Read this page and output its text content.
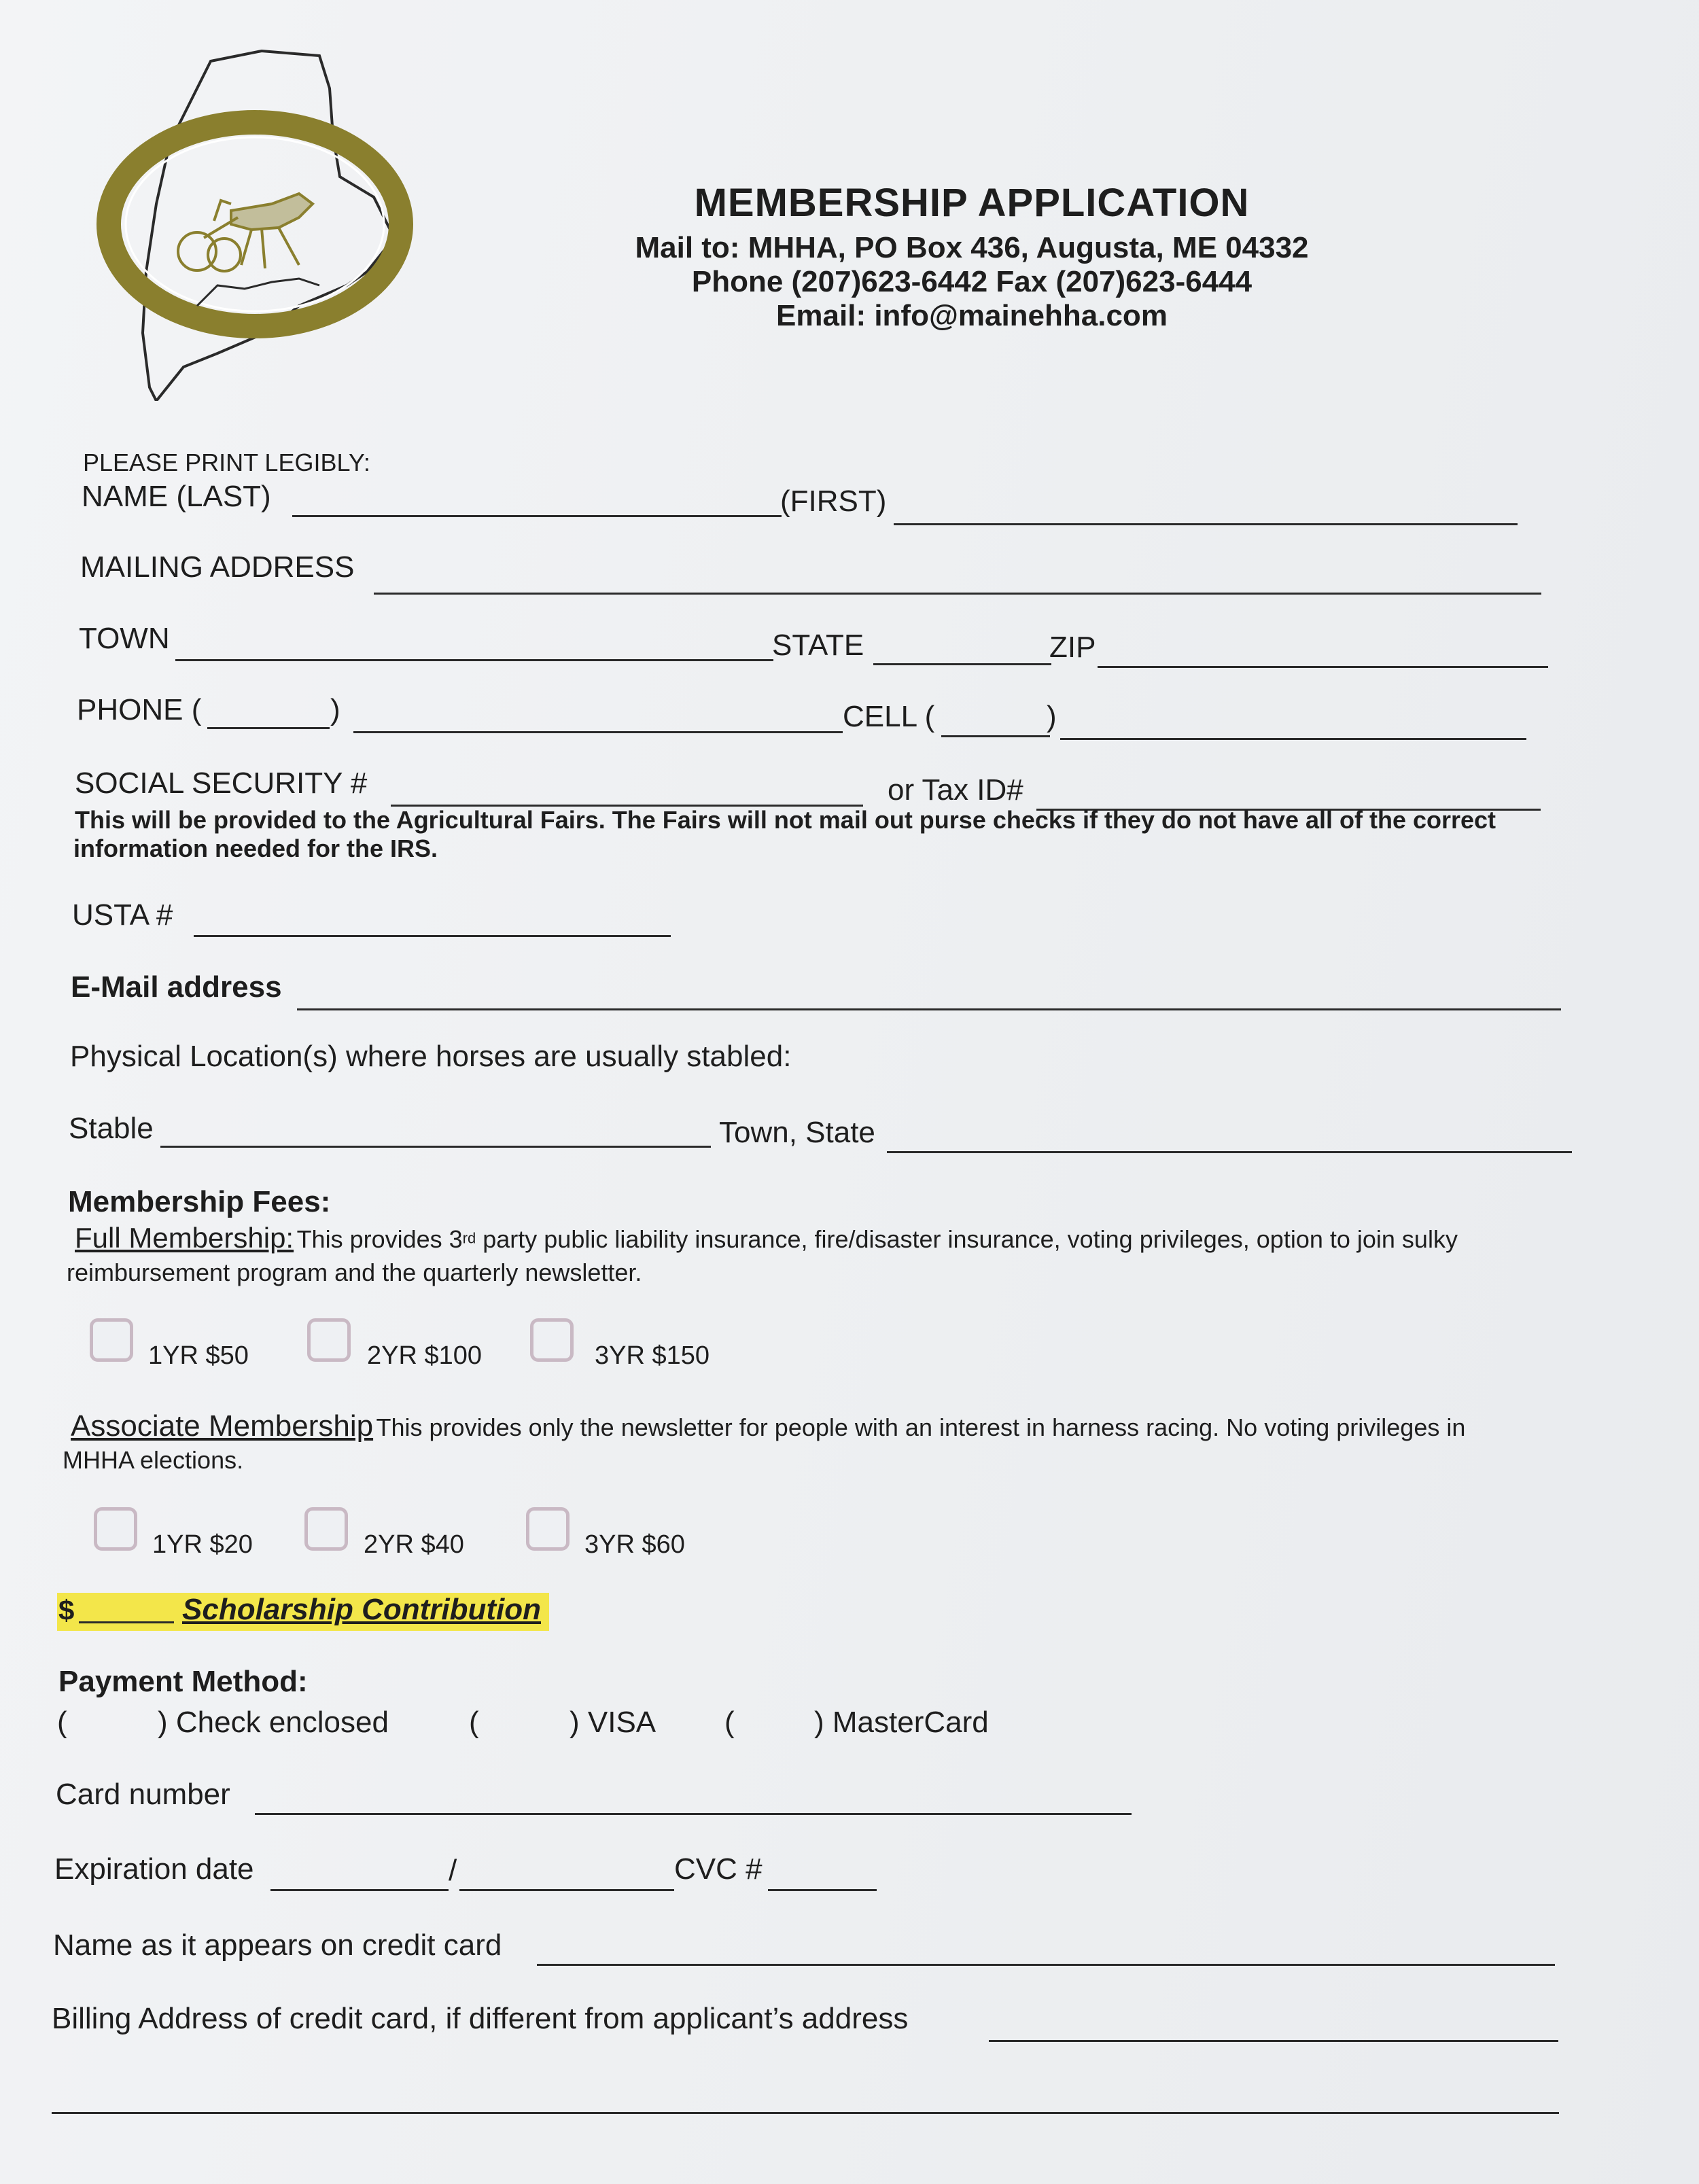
MEMBERSHIP APPLICATION
Mail to: MHHA, PO Box 436, Augusta, ME 04332
Phone (207)623-6442 Fax (207)623-6444
Email: info@mainehha.com
PLEASE PRINT LEGIBLY:
NAME (LAST)	(FIRST)
MAILING ADDRESS
TOWN	STATE	ZIP
PHONE (	)	CELL (	)
SOCIAL SECURITY #	or Tax ID#
This will be provided to the Agricultural Fairs. The Fairs will not mail out purse checks if they do not have all of the correct
information needed for the IRS.
USTA #
E-Mail address
Physical Location(s) where horses are usually stabled:
Stable	Town, State
Membership Fees:
Full Membership: This provides 3rd party public liability insurance, fire/disaster insurance, voting privileges, option to join sulky
reimbursement program and the quarterly newsletter.
1YR $50	2YR $100	3YR $150
Associate Membership This provides only the newsletter for people with an interest in harness racing. No voting privileges in
MHHA elections.
1YR $20	2YR $40	3YR $60
$	Scholarship Contribution
Payment Method:
(	) Check enclosed	(	) VISA (	) MasterCard
Card number
Expiration date	/	CVC #
Name as it appears on credit card
Billing Address of credit card, if different from applicant’s address
